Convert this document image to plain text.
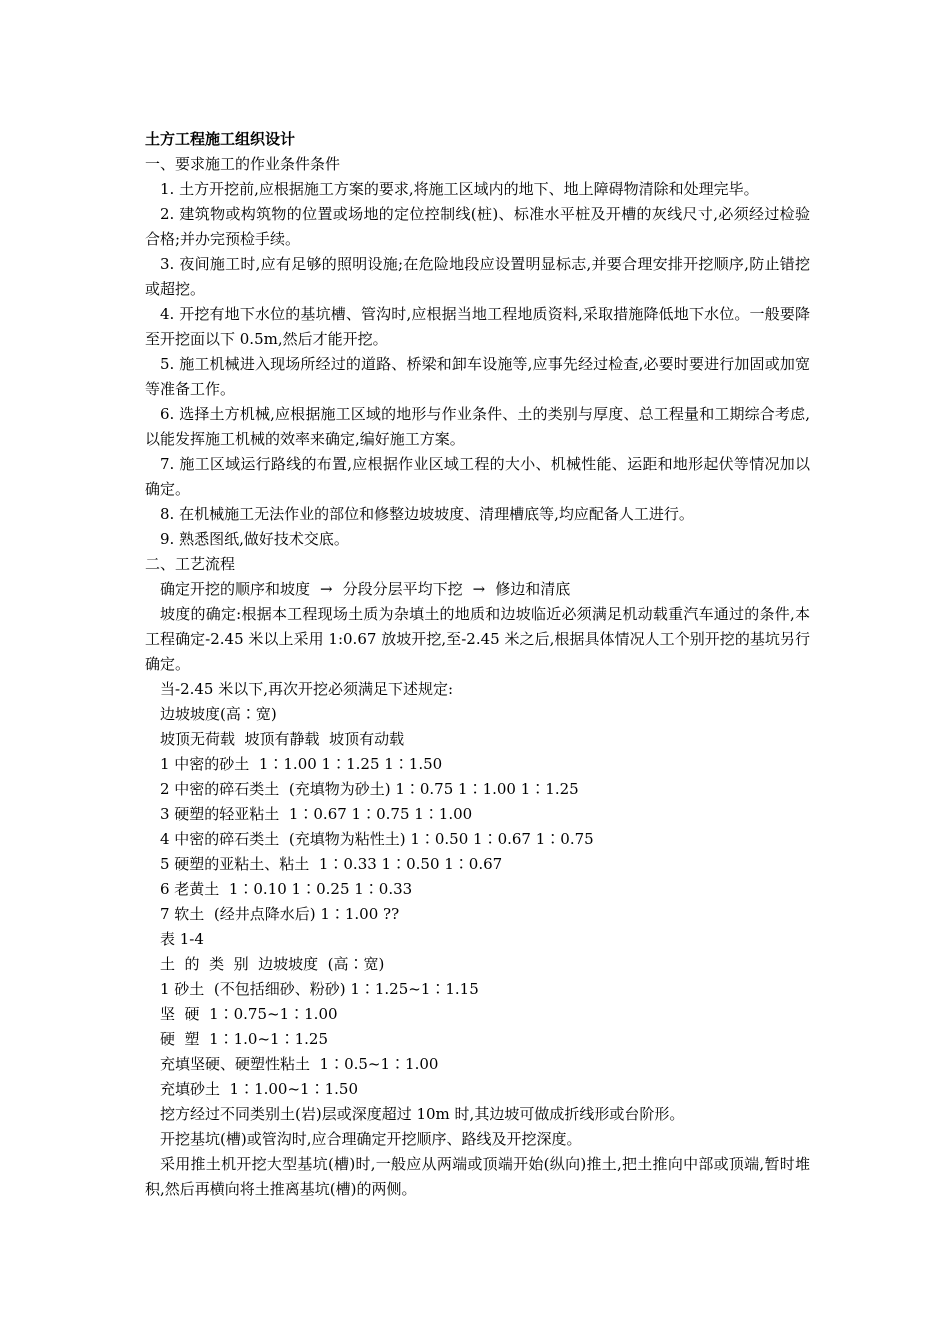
土方工程施工组织设计

一、要求施工的作业条件条件

1. 土方开挖前,应根据施工方案的要求,将施工区域内的地下、地上障碍物清除和处理完毕。

2. 建筑物或构筑物的位置或场地的定位控制线(桩)、标准水平桩及开槽的灰线尺寸,必须经过检验合格;并办完预检手续。

3. 夜间施工时,应有足够的照明设施;在危险地段应设置明显标志,并要合理安排开挖顺序,防止错挖或超挖。

4. 开挖有地下水位的基坑槽、管沟时,应根据当地工程地质资料,采取措施降低地下水位。一般要降至开挖面以下 0.5m,然后才能开挖。

5. 施工机械进入现场所经过的道路、桥梁和卸车设施等,应事先经过检查,必要时要进行加固或加宽等准备工作。

6. 选择土方机械,应根据施工区域的地形与作业条件、土的类别与厚度、总工程量和工期综合考虑,以能发挥施工机械的效率来确定,编好施工方案。

7. 施工区域运行路线的布置,应根据作业区域工程的大小、机械性能、运距和地形起伏等情况加以确定。

8. 在机械施工无法作业的部位和修整边坡坡度、清理槽底等,均应配备人工进行。

9. 熟悉图纸,做好技术交底。

二、工艺流程

确定开挖的顺序和坡度 → 分段分层平均下挖 → 修边和清底

坡度的确定:根据本工程现场土质为杂填土的地质和边坡临近必须满足机动载重汽车通过的条件,本工程确定-2.45 米以上采用 1:0.67 放坡开挖,至-2.45 米之后,根据具体情况人工个别开挖的基坑另行确定。

当-2.45 米以下,再次开挖必须满足下述规定:

边坡坡度(高∶宽)

坡顶无荷载  坡顶有静载  坡顶有动载

1 中密的砂土  1∶1.00 1∶1.25 1∶1.50

2 中密的碎石类土  (充填物为砂土) 1∶0.75 1∶1.00 1∶1.25

3 硬塑的轻亚粘土  1∶0.67 1∶0.75 1∶1.00

4 中密的碎石类土  (充填物为粘性土) 1∶0.50 1∶0.67 1∶0.75

5 硬塑的亚粘土、粘土  1∶0.33 1∶0.50 1∶0.67

6 老黄土  1∶0.10 1∶0.25 1∶0.33

7 软土  (经井点降水后) 1∶1.00 ??

表 1-4

土  的  类  别  边坡坡度  (高∶宽)

1 砂土  (不包括细砂、粉砂) 1∶1.25~1∶1.15

坚  硬  1∶0.75~1∶1.00

硬  塑  1∶1.0~1∶1.25

充填坚硬、硬塑性粘土  1∶0.5~1∶1.00

充填砂土  1∶1.00~1∶1.50

挖方经过不同类别土(岩)层或深度超过 10m 时,其边坡可做成折线形或台阶形。

开挖基坑(槽)或管沟时,应合理确定开挖顺序、路线及开挖深度。

采用推土机开挖大型基坑(槽)时,一般应从两端或顶端开始(纵向)推土,把土推向中部或顶端,暂时堆积,然后再横向将土推离基坑(槽)的两侧。
